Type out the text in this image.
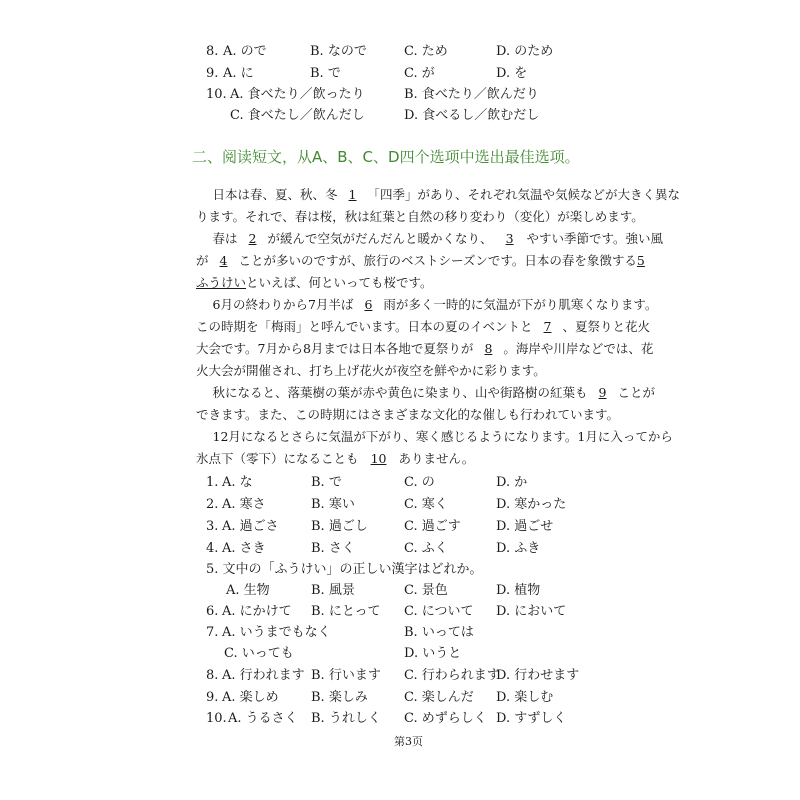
8. A. ので	B. なので	C. ため	D. のため
9. A. に	B. で	C. が	D. を
10. A. 食べたり／飲ったり	B. 食べたり／飲んだり
C. 食べたし／飲んだし	D. 食べるし／飲むだし
二、阅读短文，从A、B、C、D四个选项中选出最佳选项。
　日本は春、夏、秋、冬 1 「四季」があり、それぞれ気温や気候などが大きく異な
ります。それで、春は桜，秋は紅葉と自然の移り変わり（変化）が楽しめます。
　春は 2 が緩んで空気がだんだんと暖かくなり、 3 やすい季節です。強い風
が 4 ことが多いのですが、旅行のベストシーズンです。日本の春を象徴する5
ふうけいといえば、何といっても桜です。
　6月の終わりから7月半ば 6 雨が多く一時的に気温が下がり肌寒くなります。
この時期を「梅雨」と呼んでいます。日本の夏のイベントと 7 、夏祭りと花火
大会です。7月から8月までは日本各地で夏祭りが 8 。海岸や川岸などでは、花
火大会が開催され、打ち上げ花火が夜空を鮮やかに彩ります。
　秋になると、落葉樹の葉が赤や黄色に染まり、山や街路樹の紅葉も 9 ことが
できます。また、この時期にはさまざまな文化的な催しも行われています。
　12月になるとさらに気温が下がり、寒く感じるようになります。1月に入ってから
氷点下（零下）になることも 10 ありません。
1. A. な	B. で	C. の	D. か
2. A. 寒さ	B. 寒い	C. 寒く	D. 寒かった
3. A. 過ごさ B. 過ごし	C. 過ごす	D. 過ごせ
4. A. さき	B. さく	C. ふく	D. ふき
5. 文中の「ふうけい」の正しい漢字はどれか。
A. 生物	B. 風景	C. 景色	D. 植物
6. A. にかけて B. にとって C. について D. において
7. A. いうまでもなく	B. いっては
C. いっても	D. いうと
8. A. 行われます B. 行います C. 行わられます
D. 行わせます
9. A. 楽しめ B. 楽しみ	C. 楽しんだ D. 楽しむ
10. A. うるさく B. うれしく C. めずらしく D. すずしく
第3页
